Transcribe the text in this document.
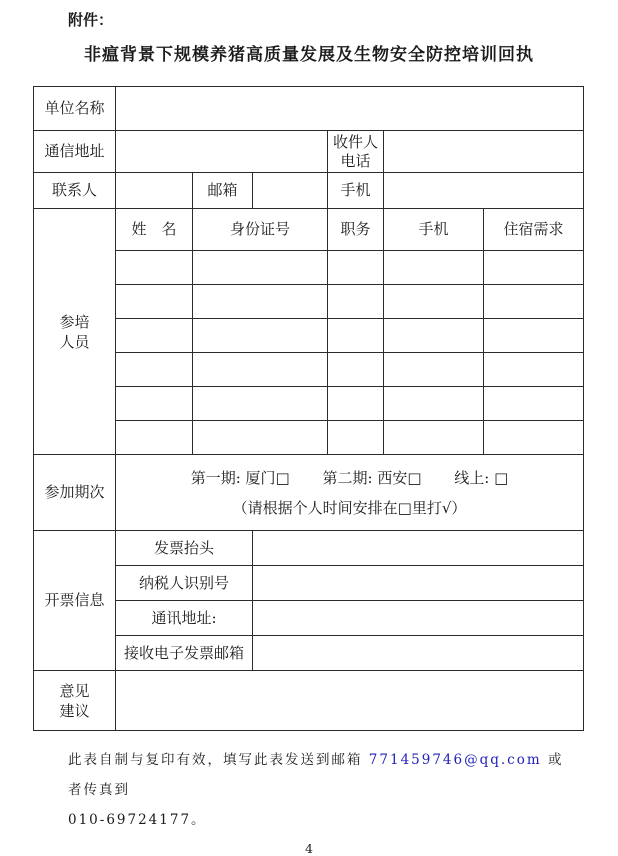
附件：
非瘟背景下规模养猪高质量发展及生物安全防控培训回执
单位名称						
通信地址				收件人电话		
联系人		邮箱		手机		
参培人员	姓　名	身份证号		职务	手机	住宿需求

参加期次	第一期: 厦门□ 第二期: 西安□ 线上: □
（请根据个人时间安排在□里打√）					

开票信息	发票抬头					
	纳税人识别号					
	通讯地址:					
	接收电子发票邮箱					
意见建议						
此表自制与复印有效，填写此表发送到邮箱 771459746@qq.com 或者传真到
010-69724177。
4
